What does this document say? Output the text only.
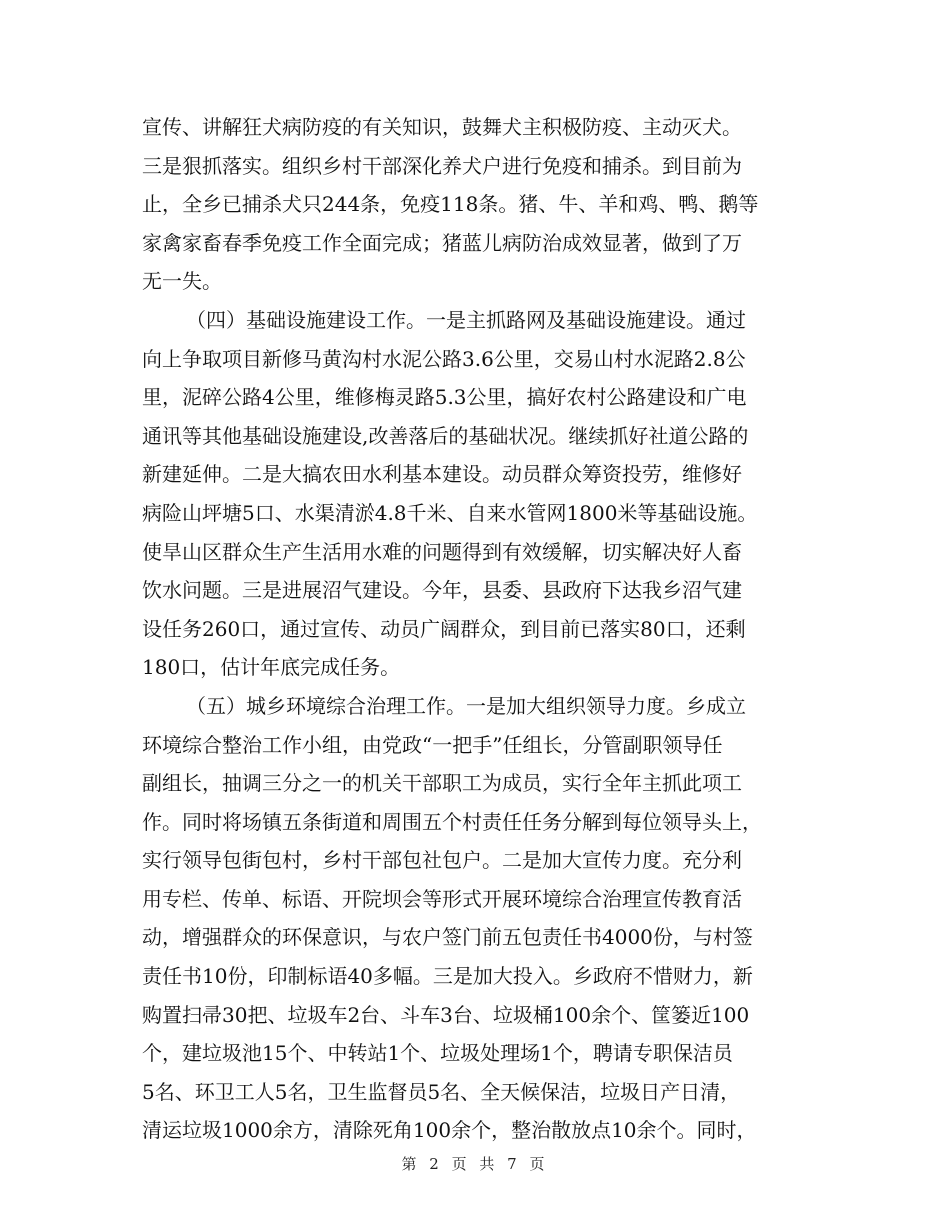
宣传、讲解狂犬病防疫的有关知识，鼓舞犬主积极防疫、主动灭犬。
三是狠抓落实。组织乡村干部深化养犬户进行免疫和捕杀。到目前为
止，全乡已捕杀犬只244条，免疫118条。猪、牛、羊和鸡、鸭、鹅等
家禽家畜春季免疫工作全面完成；猪蓝儿病防治成效显著，做到了万
无一失。
（四）基础设施建设工作。一是主抓路网及基础设施建设。通过
向上争取项目新修马黄沟村水泥公路3.6公里，交易山村水泥路2.8公
里，泥碎公路4公里，维修梅灵路5.3公里，搞好农村公路建设和广电
通讯等其他基础设施建设,改善落后的基础状况。继续抓好社道公路的
新建延伸。二是大搞农田水利基本建设。动员群众筹资投劳，维修好
病险山坪塘5口、水渠清淤4.8千米、自来水管网1800米等基础设施。
使旱山区群众生产生活用水难的问题得到有效缓解，切实解决好人畜
饮水问题。三是进展沼气建设。今年，县委、县政府下达我乡沼气建
设任务260口，通过宣传、动员广阔群众，到目前已落实80口，还剩
180口，估计年底完成任务。
（五）城乡环境综合治理工作。一是加大组织领导力度。乡成立
环境综合整治工作小组，由党政“一把手”任组长，分管副职领导任
副组长，抽调三分之一的机关干部职工为成员，实行全年主抓此项工
作。同时将场镇五条街道和周围五个村责任任务分解到每位领导头上，
实行领导包街包村，乡村干部包社包户。二是加大宣传力度。充分利
用专栏、传单、标语、开院坝会等形式开展环境综合治理宣传教育活
动，增强群众的环保意识，与农户签门前五包责任书4000份，与村签
责任书10份，印制标语40多幅。三是加大投入。乡政府不惜财力，新
购置扫帚30把、垃圾车2台、斗车3台、垃圾桶100余个、筐篓近100
个，建垃圾池15个、中转站1个、垃圾处理场1个，聘请专职保洁员
5名、环卫工人5名，卫生监督员5名、全天候保洁，垃圾日产日清，
清运垃圾1000余方，清除死角100余个，整治散放点10余个。同时，
第 2 页 共 7 页
